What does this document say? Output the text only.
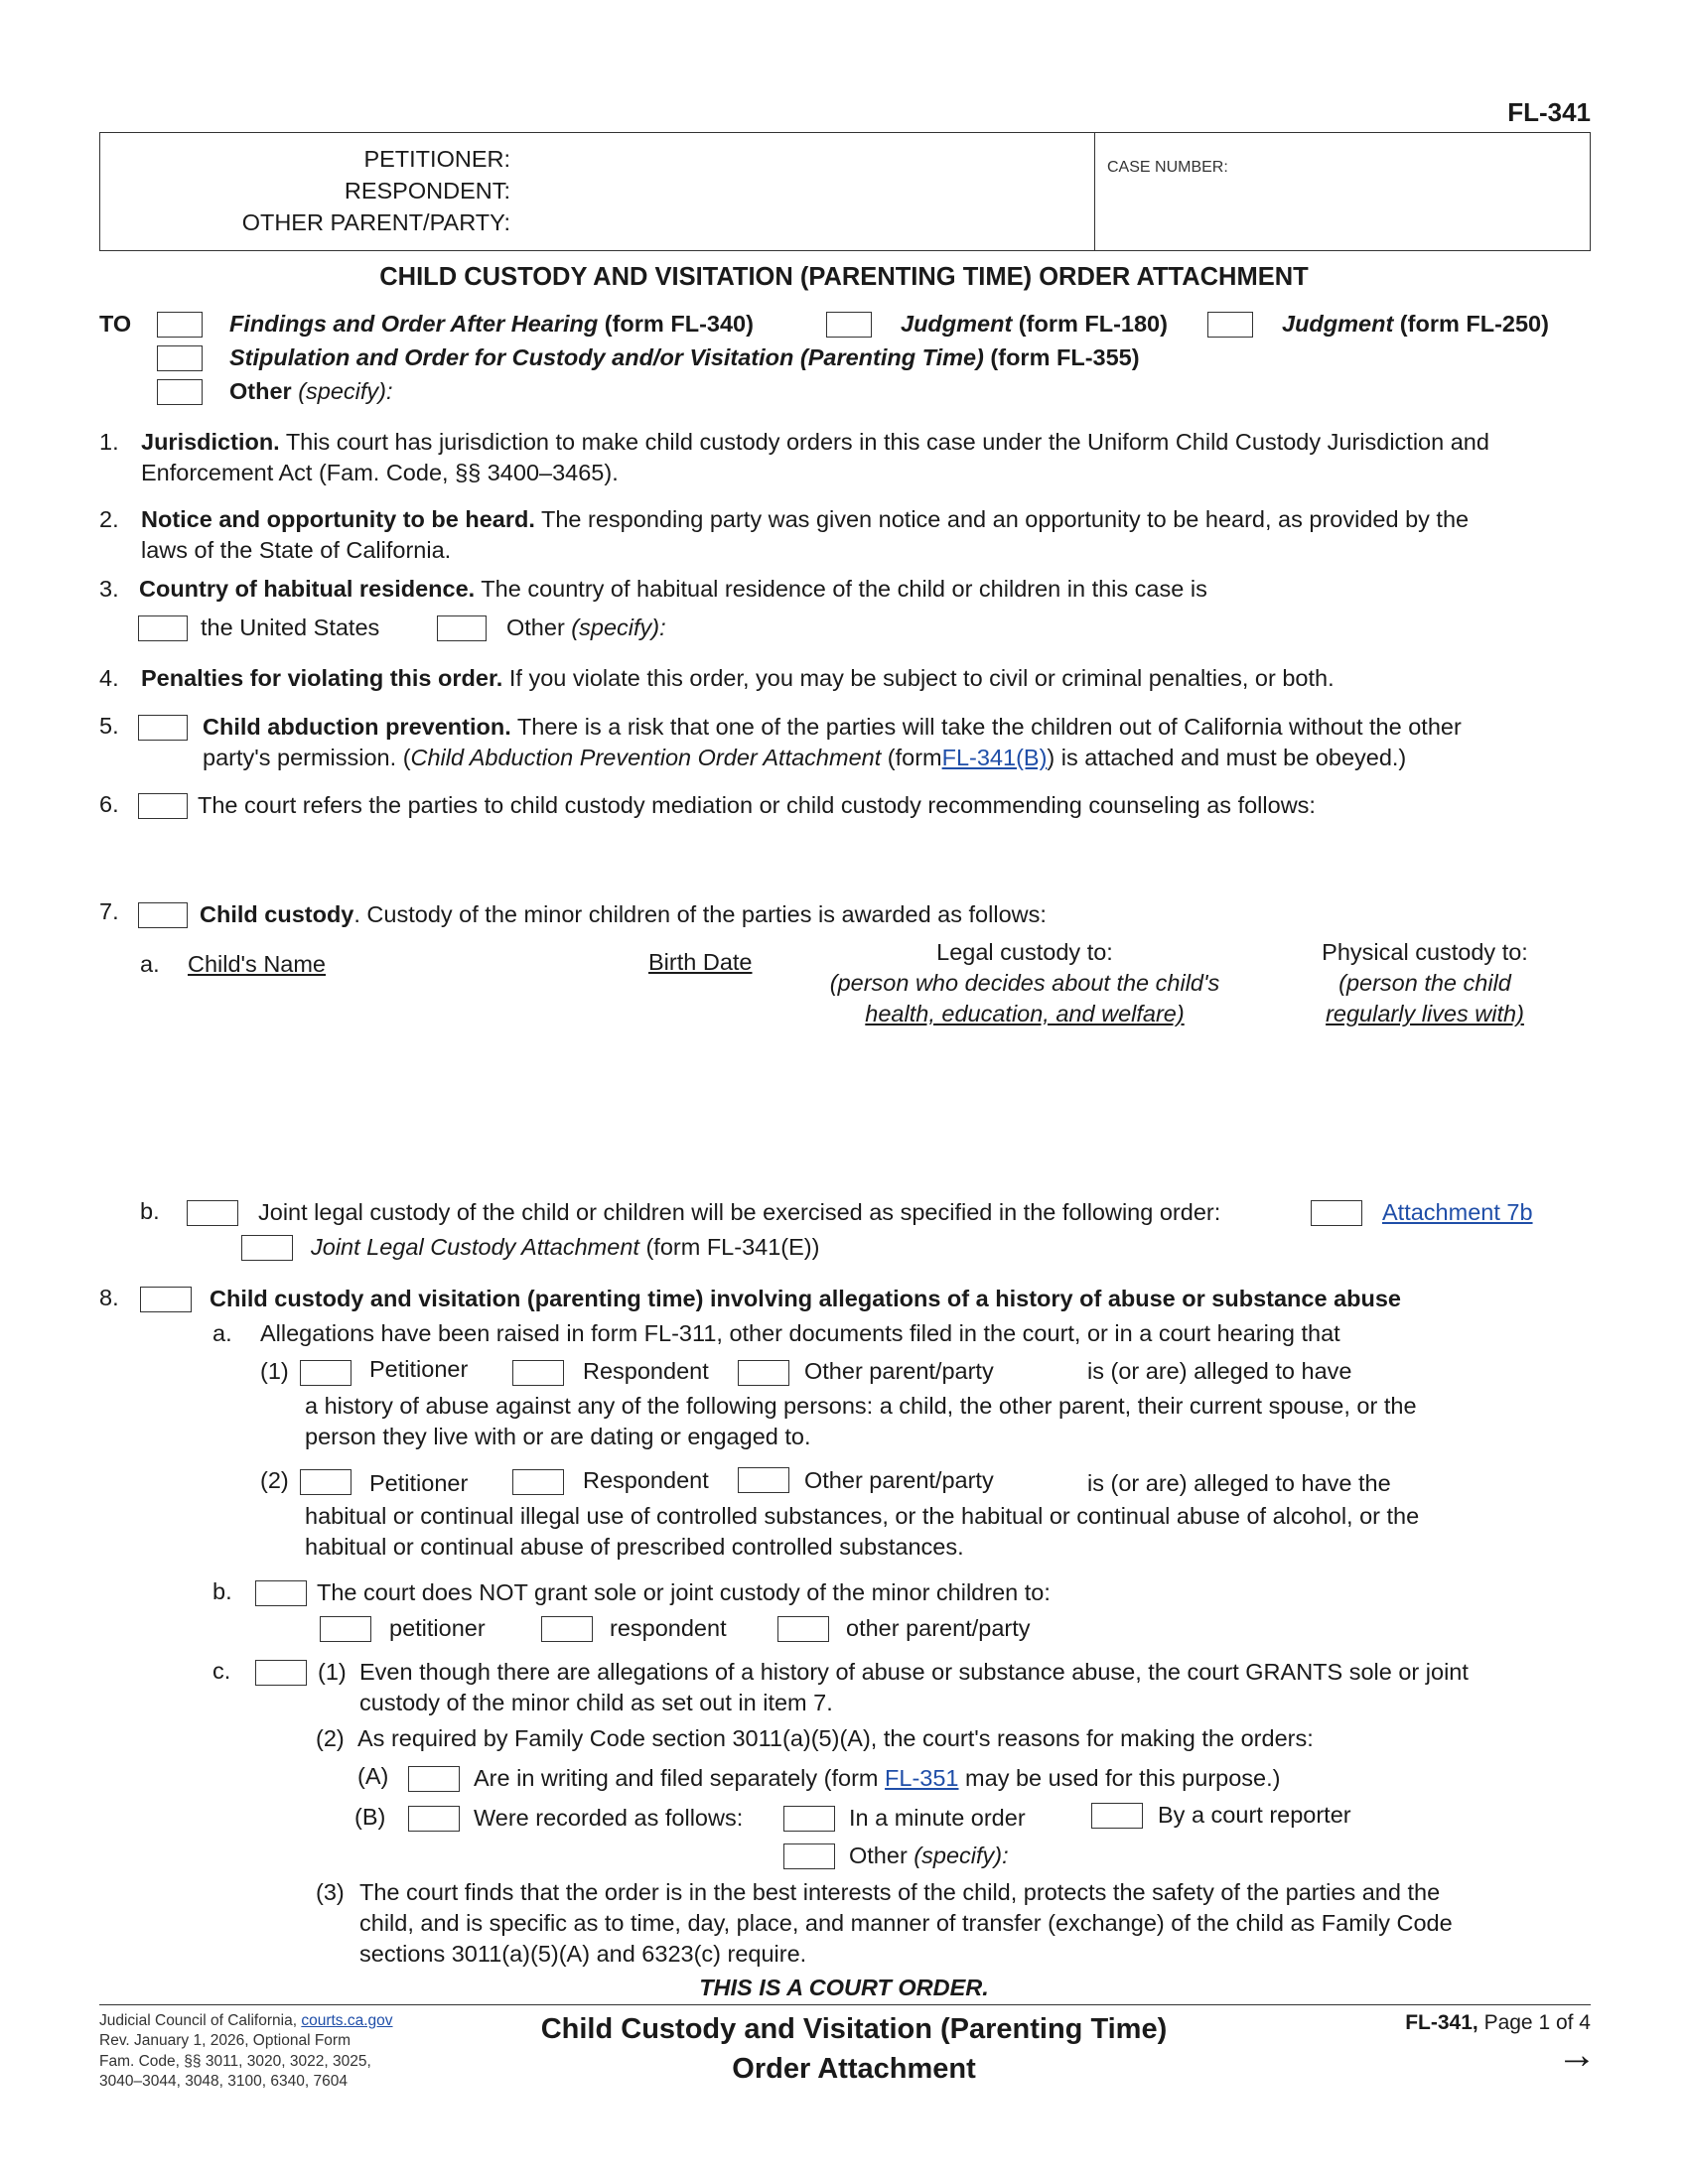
FL-341
PETITIONER:
RESPONDENT:
OTHER PARENT/PARTY:
CASE NUMBER:
CHILD CUSTODY AND VISITATION (PARENTING TIME) ORDER ATTACHMENT
TO	Findings and Order After Hearing (form FL-340)	Judgment (form FL-180)	Judgment (form FL-250)
Stipulation and Order for Custody and/or Visitation (Parenting Time) (form FL-355)
Other (specify):
1. Jurisdiction. This court has jurisdiction to make child custody orders in this case under the Uniform Child Custody Jurisdiction and
Enforcement Act (Fam. Code, §§ 3400–3465).
2. Notice and opportunity to be heard. The responding party was given notice and an opportunity to be heard, as provided by the
laws of the State of California.
3. Country of habitual residence. The country of habitual residence of the child or children in this case is
the United States	Other (specify):
4. Penalties for violating this order. If you violate this order, you may be subject to civil or criminal penalties, or both.
5.	Child abduction prevention. There is a risk that one of the parties will take the children out of California without the other
party's permission. (Child Abduction Prevention Order Attachment (formFL-341(B)) is attached and must be obeyed.)
6.	The court refers the parties to child custody mediation or child custody recommending counseling as follows:
7.	Child custody. Custody of the minor children of the parties is awarded as follows:
a. Child's Name	Birth Date	Legal custody to:
(person who decides about the child's
health, education, and welfare)
Physical custody to:
(person the child
regularly lives with)
b.	Joint legal custody of the child or children will be exercised as specified in the following order:	Attachment 7b
Joint Legal Custody Attachment (form FL-341(E))
8.	Child custody and visitation (parenting time) involving allegations of a history of abuse or substance abuse
a. Allegations have been raised in form FL-311, other documents filed in the court, or in a court hearing that
(1)	Petitioner	Respondent	Other parent/party	is (or are) alleged to have
a history of abuse against any of the following persons: a child, the other parent, their current spouse, or the
person they live with or are dating or engaged to.
(2)	Petitioner	Respondent	Other parent/party	is (or are) alleged to have the
habitual or continual illegal use of controlled substances, or the habitual or continual abuse of alcohol, or the
habitual or continual abuse of prescribed controlled substances.
b.	The court does NOT grant sole or joint custody of the minor children to:
petitioner	respondent	other parent/party
c.	(1) Even though there are allegations of a history of abuse or substance abuse, the court GRANTS sole or joint
custody of the minor child as set out in item 7.
(2) As required by Family Code section 3011(a)(5)(A), the court's reasons for making the orders:
(A)	Are in writing and filed separately (form FL-351 may be used for this purpose.)
(B)	Were recorded as follows:	In a minute order	By a court reporter
Other (specify):
(3) The court finds that the order is in the best interests of the child, protects the safety of the parties and the
child, and is specific as to time, day, place, and manner of transfer (exchange) of the child as Family Code
sections 3011(a)(5)(A) and 6323(c) require.
THIS IS A COURT ORDER.
Judicial Council of California, courts.ca.gov
Rev. January 1, 2026, Optional Form
Fam. Code, §§ 3011, 3020, 3022, 3025,
3040–3044, 3048, 3100, 6340, 7604
Child Custody and Visitation (Parenting Time)
Order Attachment
FL-341, Page 1 of 4
→
